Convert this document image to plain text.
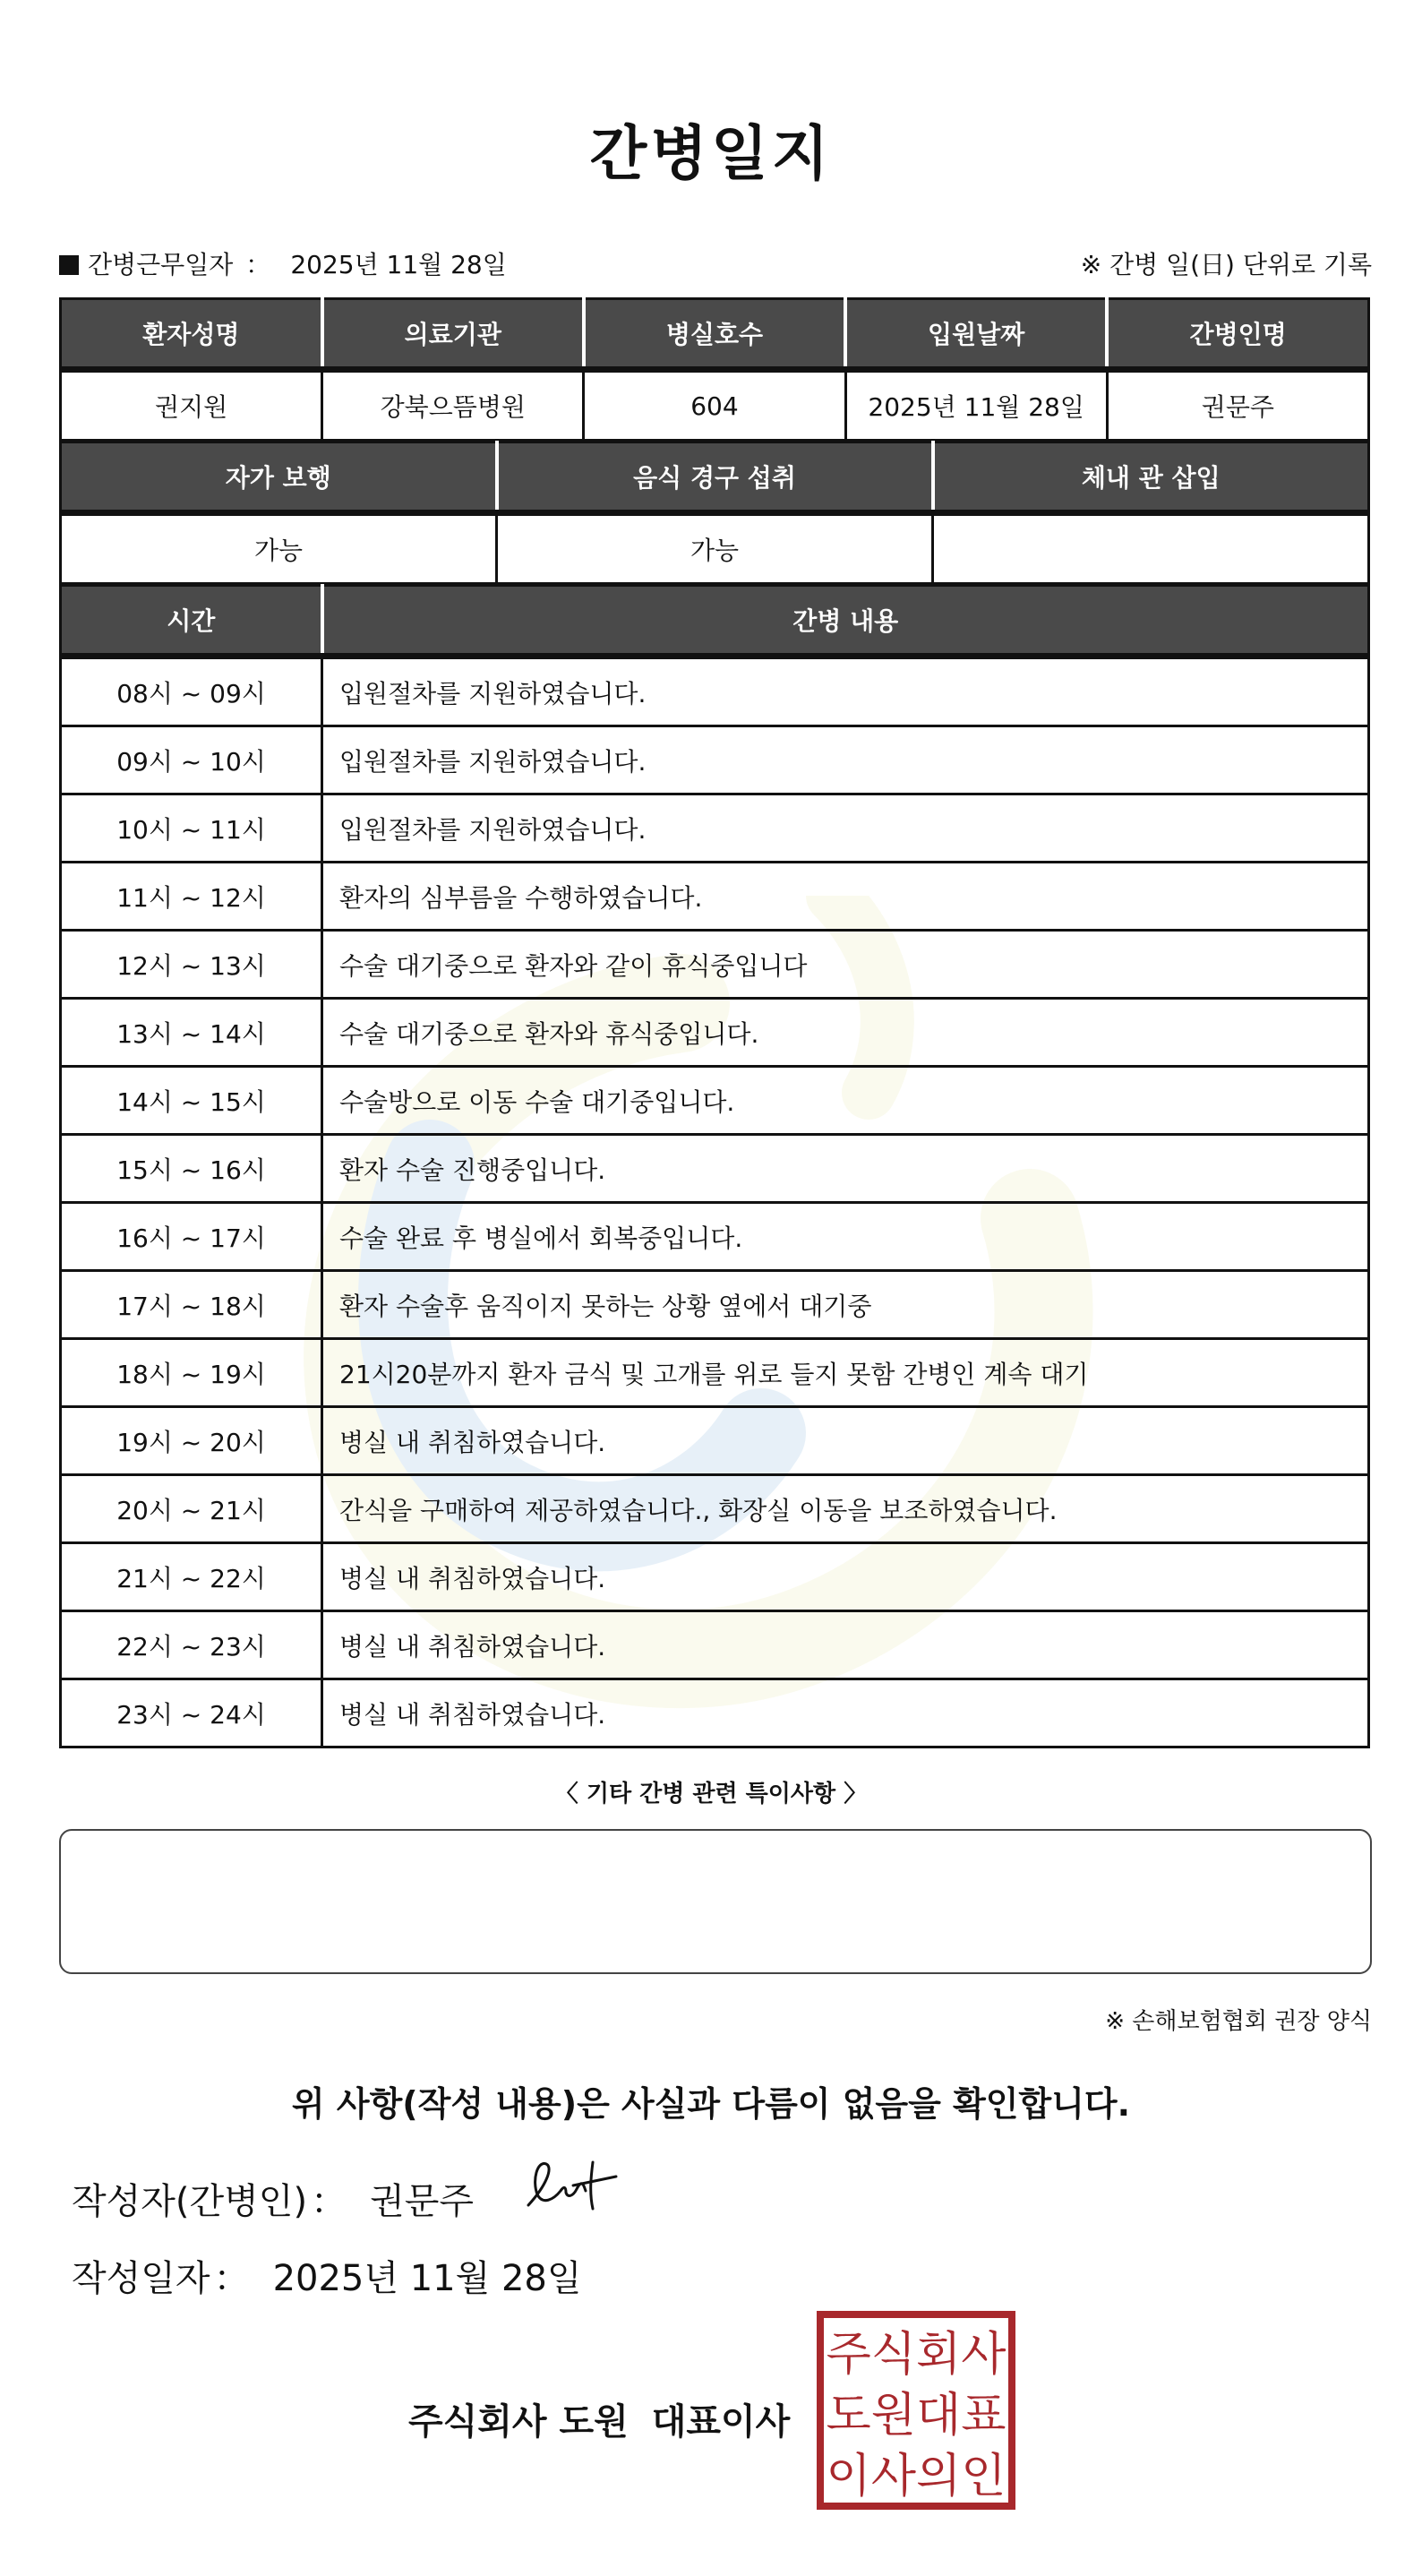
간병일지
간병근무일자 ： 2025년 11월 28일	※ 간병 일(日) 단위로 기록
환자성명	의료기관	병실호수	입원날짜	간병인명
권지원	강북으뜸병원	604	2025년 11월 28일	권문주
자가 보행	음식 경구 섭취	체내 관 삽입
가능	가능	
시간	간병 내용
08시 ~ 09시	입원절차를 지원하였습니다.
09시 ~ 10시	입원절차를 지원하였습니다.
10시 ~ 11시	입원절차를 지원하였습니다.
11시 ~ 12시	환자의 심부름을 수행하였습니다.
12시 ~ 13시	수술 대기중으로 환자와 같이 휴식중입니다
13시 ~ 14시	수술 대기중으로 환자와 휴식중입니다.
14시 ~ 15시	수술방으로 이동 수술 대기중입니다.
15시 ~ 16시	환자 수술 진행중입니다.
16시 ~ 17시	수술 완료 후 병실에서 회복중입니다.
17시 ~ 18시	환자 수술후 움직이지 못하는 상황 옆에서 대기중
18시 ~ 19시	21시20분까지 환자 금식 및 고개를 위로 들지 못함 간병인 계속 대기
19시 ~ 20시	병실 내 취침하였습니다.
20시 ~ 21시	간식을 구매하여 제공하였습니다., 화장실 이동을 보조하였습니다.
21시 ~ 22시	병실 내 취침하였습니다.
22시 ~ 23시	병실 내 취침하였습니다.
23시 ~ 24시	병실 내 취침하였습니다.
〈 기타 간병 관련 특이사항 〉
※ 손해보험협회 권장 양식
위 사항(작성 내용)은 사실과 다름이 없음을 확인합니다.
작성자(간병인) ： 권문주
작성일자 ： 2025년 11월 28일
주식회사 도원 대표이사
주식회사
도원대표
이사의인
